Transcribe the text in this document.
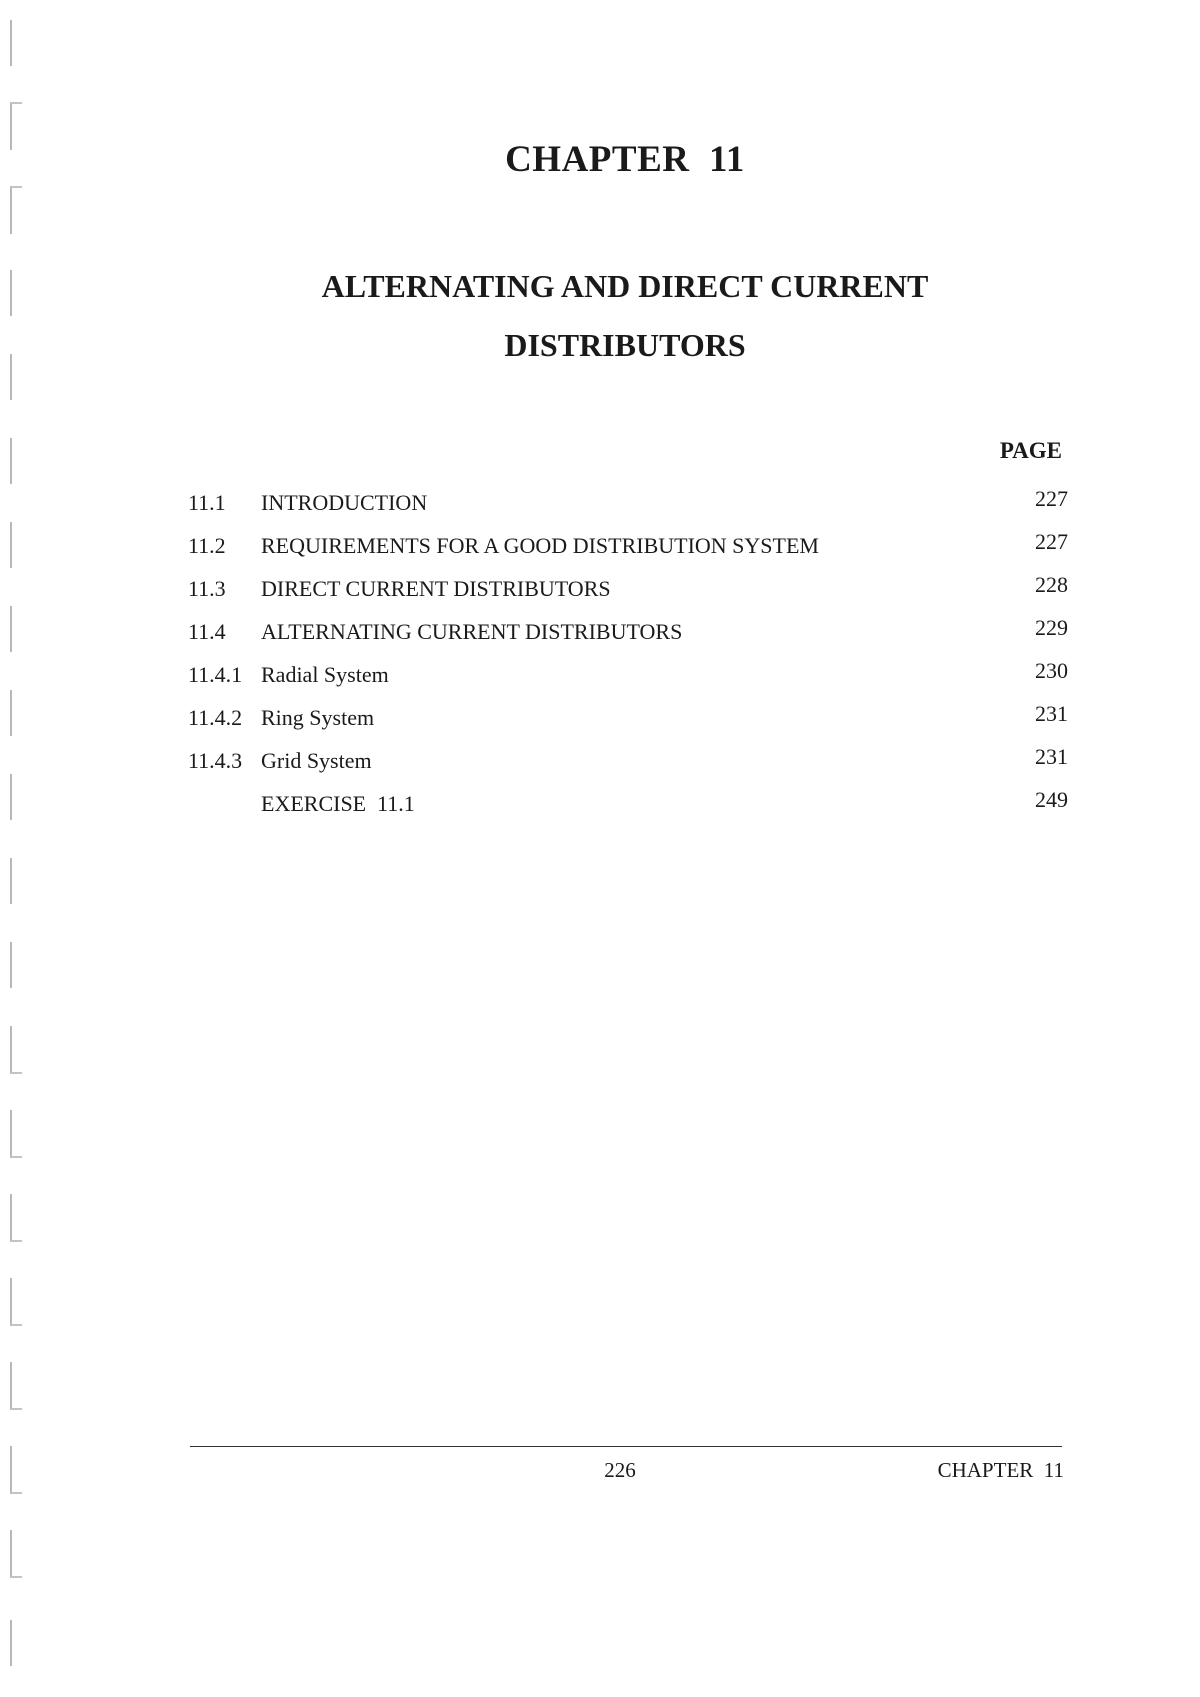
CHAPTER  11
ALTERNATING AND DIRECT CURRENT
DISTRIBUTORS
PAGE
11.1	INTRODUCTION	227
11.2	REQUIREMENTS FOR A GOOD DISTRIBUTION SYSTEM	227
11.3	DIRECT CURRENT DISTRIBUTORS	228
11.4	ALTERNATING CURRENT DISTRIBUTORS	229
11.4.1 Radial System	230
11.4.2 Ring System	231
11.4.3 Grid System	231
EXERCISE  11.1	249
226	CHAPTER  11
